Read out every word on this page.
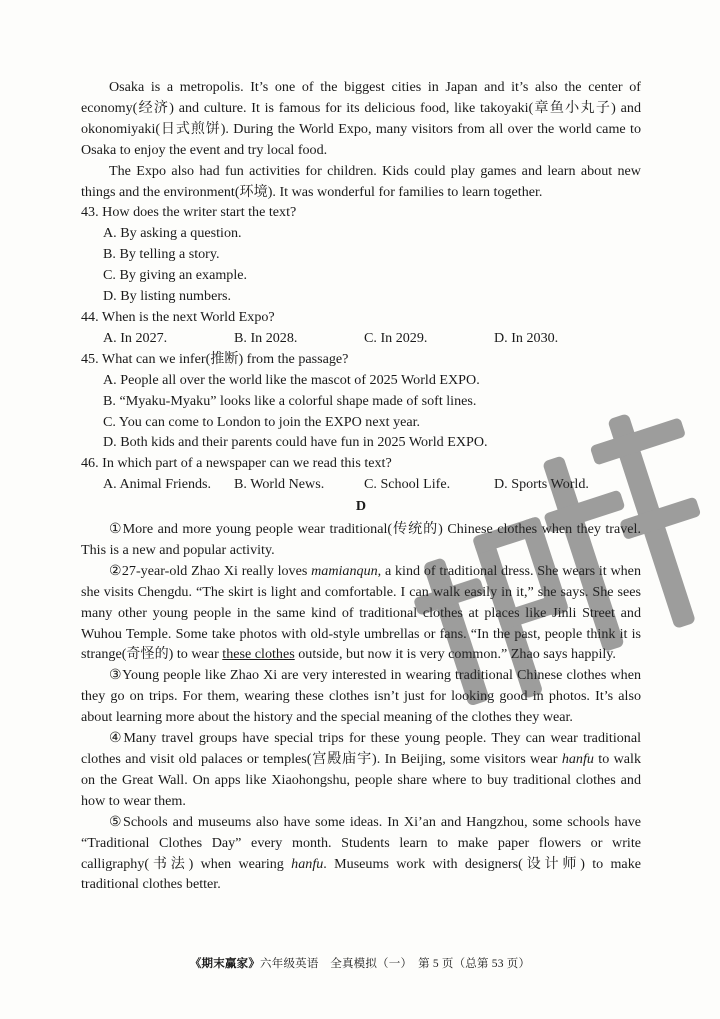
Osaka is a metropolis. It’s one of the biggest cities in Japan and it’s also the center of economy(经济) and culture. It is famous for its delicious food, like takoyaki(章鱼小丸子) and okonomiyaki(日式煎饼). During the World Expo, many visitors from all over the world came to Osaka to enjoy the event and try local food.

The Expo also had fun activities for children. Kids could play games and learn about new things and the environment(环境). It was wonderful for families to learn together.

43. How does the writer start the text?

A. By asking a question.

B. By telling a story.

C. By giving an example.

D. By listing numbers.

44. When is the next World Expo?

A. In 2027.	B. In 2028.	C. In 2029.	D. In 2030.

45. What can we infer(推断) from the passage?

A. People all over the world like the mascot of 2025 World EXPO.

B. “Myaku-Myaku” looks like a colorful shape made of soft lines.

C. You can come to London to join the EXPO next year.

D. Both kids and their parents could have fun in 2025 World EXPO.

46. In which part of a newspaper can we read this text?

A. Animal Friends.	B. World News.	C. School Life.	D. Sports World.

D

①More and more young people wear traditional(传统的) Chinese clothes when they travel. This is a new and popular activity.

②27-year-old Zhao Xi really loves mamianqun, a kind of traditional dress. She wears it when she visits Chengdu. “The skirt is light and comfortable. I can walk easily in it,” she says. She sees many other young people in the same kind of traditional clothes at places like Jinli Street and Wuhou Temple. Some take photos with old-style umbrellas or fans. “In the past, people think it is strange(奇怪的) to wear these clothes outside, but now it is very common.” Zhao says happily.

③Young people like Zhao Xi are very interested in wearing traditional Chinese clothes when they go on trips. For them, wearing these clothes isn’t just for looking good in photos. It’s also about learning more about the history and the special meaning of the clothes they wear.

④Many travel groups have special trips for these young people. They can wear traditional clothes and visit old palaces or temples(宫殿庙宇). In Beijing, some visitors wear hanfu to walk on the Great Wall. On apps like Xiaohongshu, people share where to buy traditional clothes and how to wear them.

⑤Schools and museums also have some ideas. In Xi’an and Hangzhou, some schools have “Traditional Clothes Day” every month. Students learn to make paper flowers or write calligraphy(书法) when wearing hanfu. Museums work with designers(设计师) to make traditional clothes better.

《期末赢家》六年级英语　全真模拟（一）　第 5 页（总第 53 页）
